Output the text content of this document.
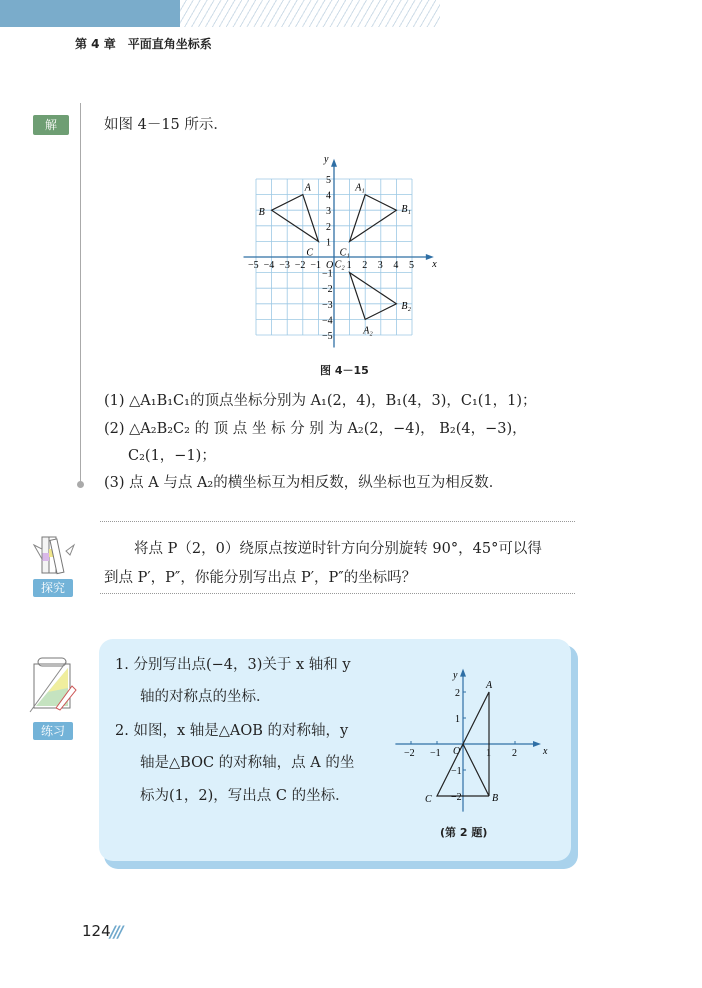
第 4 章　平面直角坐标系
解	如图 4－15 所示．
x
y
O
−5 −4 −3 −2 −1	1 2 3 4 5
5
4
3
2
1
−1
−2
−3
−4
−5
A
B
C
A₁
B₁
C₁
A₂
B₂
C₂
图 4－15
(1) △A₁B₁C₁的顶点坐标分别为 A₁(2，4)，B₁(4，3)，C₁(1，1)；
(2) △A₂B₂C₂ 的 顶 点 坐 标 分 别 为 A₂(2，−4)， B₂(4，−3)，
C₂(1，−1)；
(3) 点 A 与点 A₂的横坐标互为相反数，纵坐标也互为相反数．
探究
将点 P（2，0）绕原点按逆时针方向分别旋转 90°，45°可以得
到点 P′，P″，你能分别写出点 P′，P″的坐标吗？
练习
1. 分别写出点(−4，3)关于 x 轴和 y
轴的对称点的坐标．
2. 如图，x 轴是△AOB 的对称轴，y
轴是△BOC 的对称轴，点 A 的坐
标为(1，2)，写出点 C 的坐标．
x
y
O
−2 −1	1 2
2
1
−1
−2
A
B
C
(第 2 题)
124 ///
